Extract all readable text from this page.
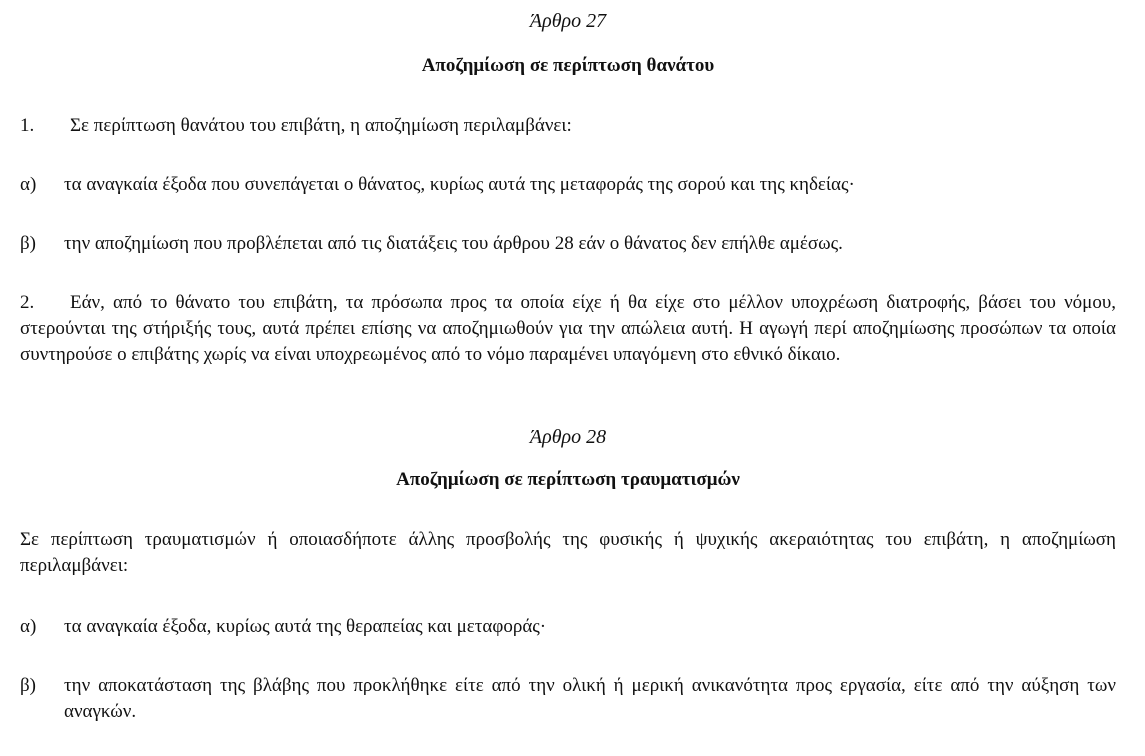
Άρθρο 27
Αποζημίωση σε περίπτωση θανάτου
1. Σε περίπτωση θανάτου του επιβάτη, η αποζημίωση περιλαμβάνει:
α) τα αναγκαία έξοδα που συνεπάγεται ο θάνατος, κυρίως αυτά της μεταφοράς της σορού και της κηδείας·
β) την αποζημίωση που προβλέπεται από τις διατάξεις του άρθρου 28 εάν ο θάνατος δεν επήλθε αμέσως.
2. Εάν, από το θάνατο του επιβάτη, τα πρόσωπα προς τα οποία είχε ή θα είχε στο μέλλον υποχρέωση διατροφής, βάσει του νόμου, στερούνται της στήριξής τους, αυτά πρέπει επίσης να αποζημιωθούν για την απώλεια αυτή. Η αγωγή περί αποζημίωσης προσώπων τα οποία συντηρούσε ο επιβάτης χωρίς να είναι υποχρεωμένος από το νόμο παραμένει υπαγόμενη στο εθνικό δίκαιο.
Άρθρο 28
Αποζημίωση σε περίπτωση τραυματισμών
Σε περίπτωση τραυματισμών ή οποιασδήποτε άλλης προσβολής της φυσικής ή ψυχικής ακεραιότητας του επιβάτη, η αποζημίωση περιλαμβάνει:
α) τα αναγκαία έξοδα, κυρίως αυτά της θεραπείας και μεταφοράς·
β) την αποκατάσταση της βλάβης που προκλήθηκε είτε από την ολική ή μερική ανικανότητα προς εργασία, είτε από την αύξηση των αναγκών.
